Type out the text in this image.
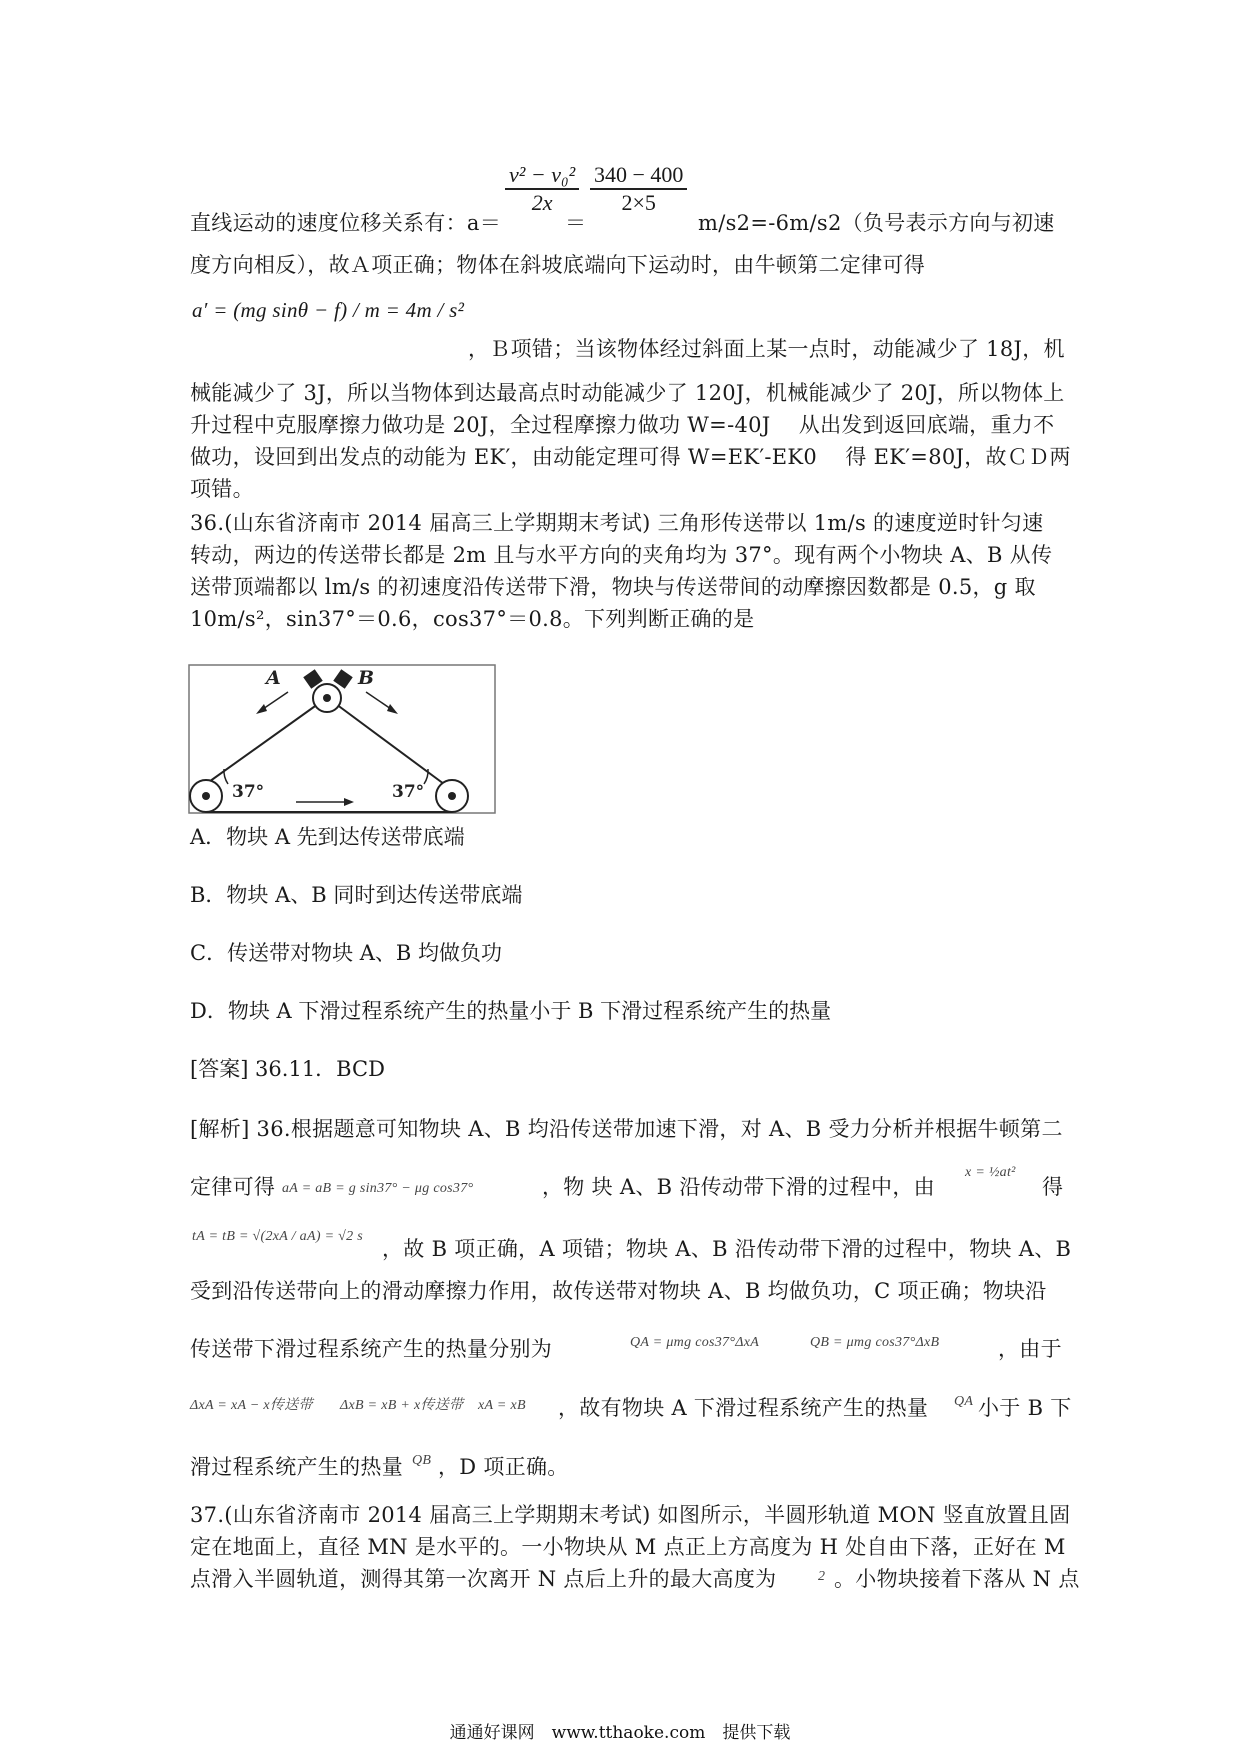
$\frac{\text{v² − v₀²}}{2x} \frac{340 - 400}{2\times 5}$
直线运动的速度位移关系有：a＝	＝	m/s2=-6m/s2（负号表示方向与初速
度方向相反），故Ａ项正确；物体在斜坡底端向下运动时，由牛顿第二定律可得
a′ = (mg sinθ − f) / m = 4m / s²
，Ｂ项错；当该物体经过斜面上某一点时，动能减少了 18J，机
械能减少了 3J，所以当物体到达最高点时动能减少了 120J，机械能减少了 20J，所以物体上
升过程中克服摩擦力做功是 20J，全过程摩擦力做功 W=-40J　 从出发到返回底端，重力不
做功，设回到出发点的动能为 EK′，由动能定理可得 W=EK′-EK0　 得 EK′=80J，故ＣＤ两
项错。
36.(山东省济南市 2014 届高三上学期期末考试) 三角形传送带以 1m/s 的速度逆时针匀速
转动，两边的传送带长都是 2m 且与水平方向的夹角均为 37°。现有两个小物块 A、B 从传
送带顶端都以 lm/s 的初速度沿传送带下滑，物块与传送带间的动摩擦因数都是 0.5，g 取
10m/s²，sin37°＝0.6，cos37°＝0.8。下列判断正确的是
A	B
37°	37°
A．物块 A 先到达传送带底端
B．物块 A、B 同时到达传送带底端
C．传送带对物块 A、B 均做负功
D．物块 A 下滑过程系统产生的热量小于 B 下滑过程系统产生的热量
[答案] 36.11．BCD
[解析] 36.根据题意可知物块 A、B 均沿传送带加速下滑，对 A、B 受力分析并根据牛顿第二
定律可得 aA = aB = g sin37° − μg cos37°	，物 块 A、B 沿传动带下滑的过程中，由
x = ½at²
得
tA = tB = √(2xA / aA) = √2 s
，故 B 项正确，A 项错；物块 A、B 沿传动带下滑的过程中，物块 A、B
受到沿传送带向上的滑动摩擦力作用，故传送带对物块 A、B 均做负功，C 项正确；物块沿
传送带下滑过程系统产生的热量分别为	QA = μmg cos37°ΔxA	QB = μmg cos37°ΔxB	，由于
ΔxA = xA − x传送带 ΔxB = xB + x传送带 xA = xB ，故有物块 A 下滑过程系统产生的热量 QA 小于 B 下
滑过程系统产生的热量 QB ，D 项正确。
37.(山东省济南市 2014 届高三上学期期末考试) 如图所示，半圆形轨道 MON 竖直放置且固
定在地面上，直径 MN 是水平的。一小物块从 M 点正上方高度为 H 处自由下落，正好在 M
点滑入半圆轨道，测得其第一次离开 N 点后上升的最大高度为	2 。小物块接着下落从 N 点
通通好课网　www.tthaoke.com　提供下载
